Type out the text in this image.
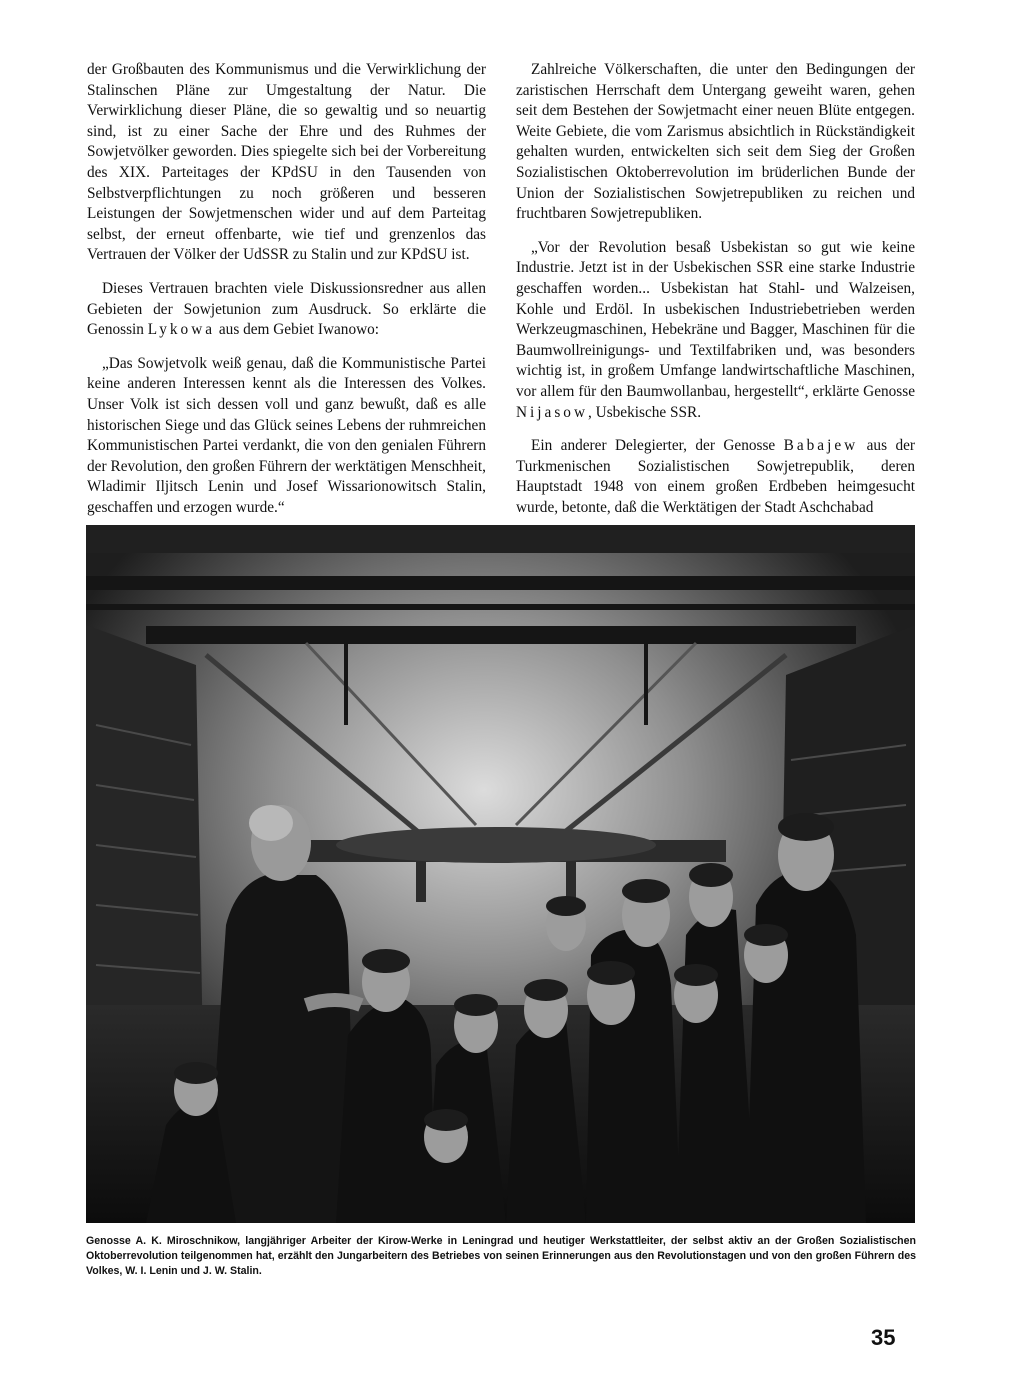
der Großbauten des Kommunismus und die Verwirklichung der Stalinschen Pläne zur Umgestaltung der Natur. Die Verwirklichung dieser Pläne, die so gewaltig und so neuartig sind, ist zu einer Sache der Ehre und des Ruhmes der Sowjetvölker geworden. Dies spiegelte sich bei der Vorbereitung des XIX. Parteitages der KPdSU in den Tausenden von Selbstverpflichtungen zu noch größeren und besseren Leistungen der Sowjetmenschen wider und auf dem Parteitag selbst, der erneut offenbarte, wie tief und grenzenlos das Vertrauen der Völker der UdSSR zu Stalin und zur KPdSU ist.

Dieses Vertrauen brachten viele Diskussionsredner aus allen Gebieten der Sowjetunion zum Ausdruck. So erklärte die Genossin Lykowa aus dem Gebiet Iwanowo:

„Das Sowjetvolk weiß genau, daß die Kommunistische Partei keine anderen Interessen kennt als die Interessen des Volkes. Unser Volk ist sich dessen voll und ganz bewußt, daß es alle historischen Siege und das Glück seines Lebens der ruhmreichen Kommunistischen Partei verdankt, die von den genialen Führern der Revolution, den großen Führern der werktätigen Menschheit, Wladimir Iljitsch Lenin und Josef Wissarionowitsch Stalin, geschaffen und erzogen wurde.“

Zahlreiche Völkerschaften, die unter den Bedingungen der zaristischen Herrschaft dem Untergang geweiht waren, gehen seit dem Bestehen der Sowjetmacht einer neuen Blüte entgegen. Weite Gebiete, die vom Zarismus absichtlich in Rückständigkeit gehalten wurden, entwickelten sich seit dem Sieg der Großen Sozialistischen Oktoberrevolution im brüderlichen Bunde der Union der Sozialistischen Sowjetrepubliken zu reichen und fruchtbaren Sowjetrepubliken.

„Vor der Revolution besaß Usbekistan so gut wie keine Industrie. Jetzt ist in der Usbekischen SSR eine starke Industrie geschaffen worden... Usbekistan hat Stahl- und Walzeisen, Kohle und Erdöl. In usbekischen Industriebetrieben werden Werkzeugmaschinen, Hebekräne und Bagger, Maschinen für die Baumwollreinigungs- und Textilfabriken und, was besonders wichtig ist, in großem Umfange landwirtschaftliche Maschinen, vor allem für den Baumwollanbau, hergestellt“, erklärte Genosse Nijasow, Usbekische SSR.

Ein anderer Delegierter, der Genosse Babajew aus der Turkmenischen Sozialistischen Sowjetrepublik, deren Hauptstadt 1948 von einem großen Erdbeben heimgesucht wurde, betonte, daß die Werktätigen der Stadt Aschchabad

Genosse A. K. Miroschnikow, langjähriger Arbeiter der Kirow-Werke in Leningrad und heutiger Werkstattleiter, der selbst aktiv an der Großen Sozialistischen Oktoberrevolution teilgenommen hat, erzählt den Jungarbeitern des Betriebes von seinen Erinnerungen aus den Revolutionstagen und von den großen Führern des Volkes, W. I. Lenin und J. W. Stalin.
35
